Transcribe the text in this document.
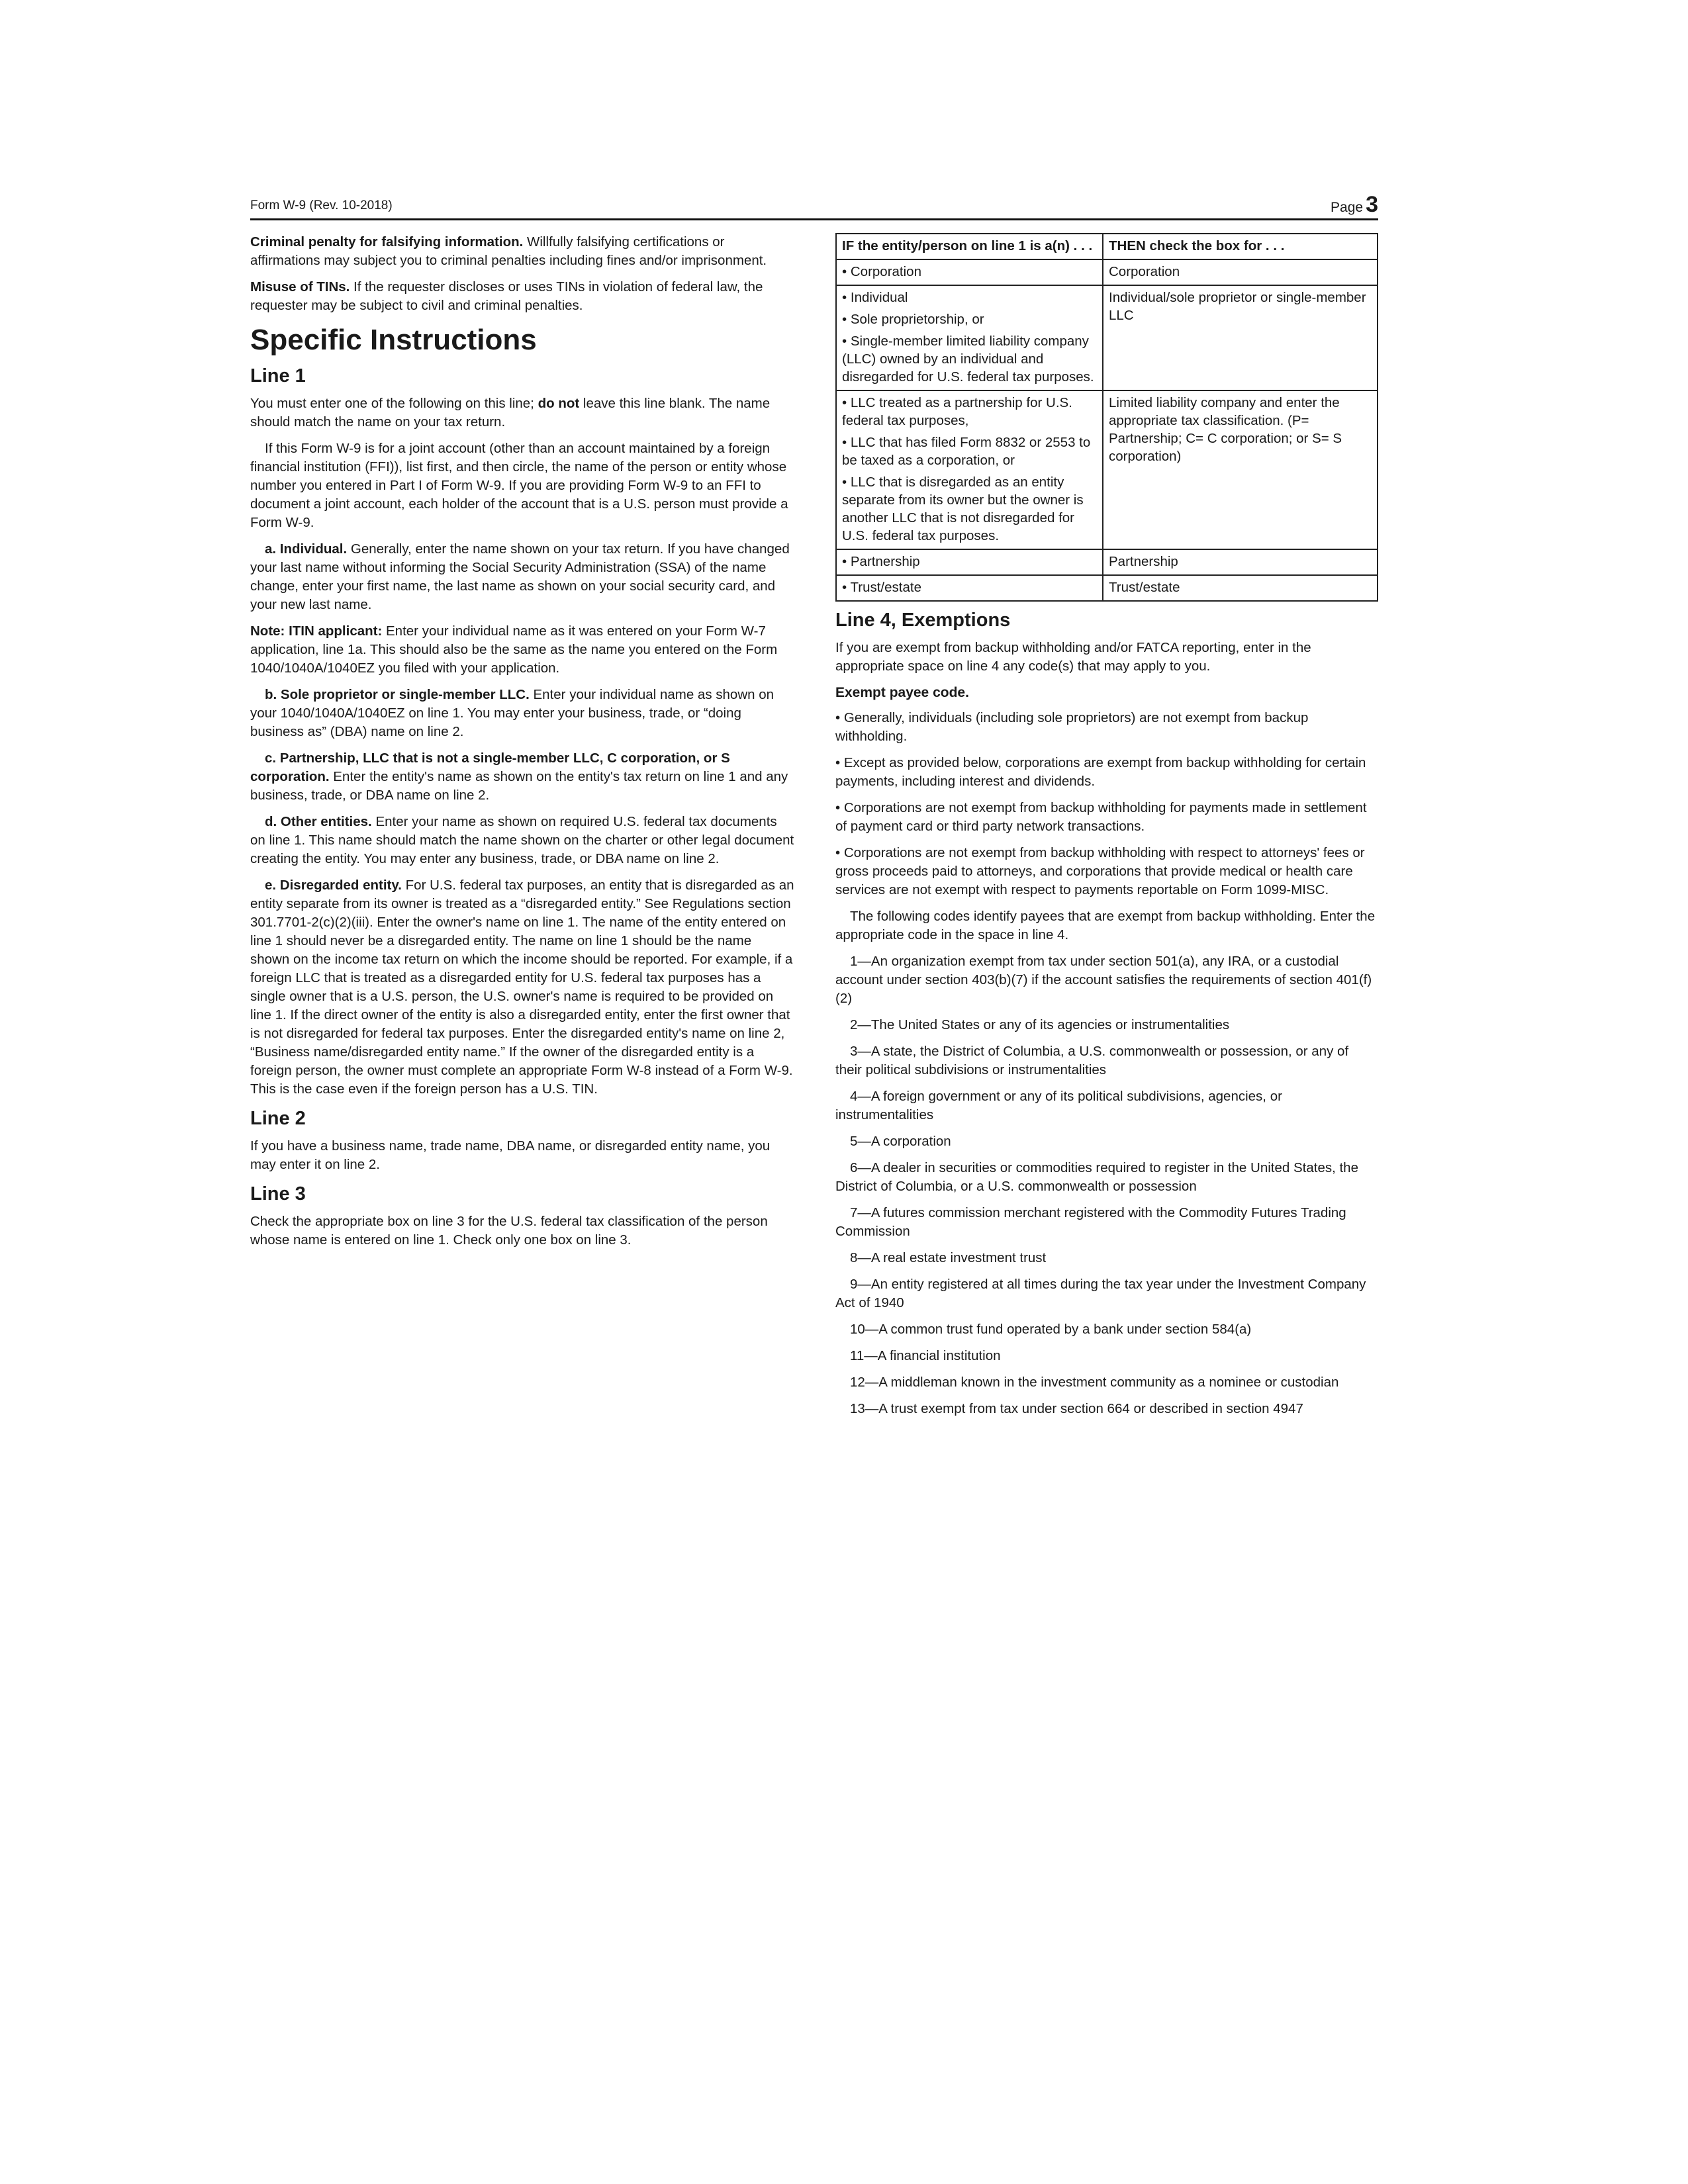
Form W-9 (Rev. 10-2018)	Page 3

Criminal penalty for falsifying information. Willfully falsifying certifications or affirmations may subject you to criminal penalties including fines and/or imprisonment.

Misuse of TINs. If the requester discloses or uses TINs in violation of federal law, the requester may be subject to civil and criminal penalties.

Specific Instructions
Line 1

You must enter one of the following on this line; do not leave this line blank. The name should match the name on your tax return.

If this Form W-9 is for a joint account (other than an account maintained by a foreign financial institution (FFI)), list first, and then circle, the name of the person or entity whose number you entered in Part I of Form W-9. If you are providing Form W-9 to an FFI to document a joint account, each holder of the account that is a U.S. person must provide a Form W-9.

a. Individual. Generally, enter the name shown on your tax return. If you have changed your last name without informing the Social Security Administration (SSA) of the name change, enter your first name, the last name as shown on your social security card, and your new last name.

Note: ITIN applicant: Enter your individual name as it was entered on your Form W-7 application, line 1a. This should also be the same as the name you entered on the Form 1040/1040A/1040EZ you filed with your application.

b. Sole proprietor or single-member LLC. Enter your individual name as shown on your 1040/1040A/1040EZ on line 1. You may enter your business, trade, or “doing business as” (DBA) name on line 2.

c. Partnership, LLC that is not a single-member LLC, C corporation, or S corporation. Enter the entity's name as shown on the entity's tax return on line 1 and any business, trade, or DBA name on line 2.

d. Other entities. Enter your name as shown on required U.S. federal tax documents on line 1. This name should match the name shown on the charter or other legal document creating the entity. You may enter any business, trade, or DBA name on line 2.

e. Disregarded entity. For U.S. federal tax purposes, an entity that is disregarded as an entity separate from its owner is treated as a “disregarded entity.” See Regulations section 301.7701-2(c)(2)(iii). Enter the owner's name on line 1. The name of the entity entered on line 1 should never be a disregarded entity. The name on line 1 should be the name shown on the income tax return on which the income should be reported. For example, if a foreign LLC that is treated as a disregarded entity for U.S. federal tax purposes has a single owner that is a U.S. person, the U.S. owner's name is required to be provided on line 1. If the direct owner of the entity is also a disregarded entity, enter the first owner that is not disregarded for federal tax purposes. Enter the disregarded entity's name on line 2, “Business name/disregarded entity name.” If the owner of the disregarded entity is a foreign person, the owner must complete an appropriate Form W-8 instead of a Form W-9. This is the case even if the foreign person has a U.S. TIN.

Line 2

If you have a business name, trade name, DBA name, or disregarded entity name, you may enter it on line 2.

Line 3

Check the appropriate box on line 3 for the U.S. federal tax classification of the person whose name is entered on line 1. Check only one box on line 3.

IF the entity/person on line 1 is a(n) . . .	THEN check the box for . . .

• Corporation	Corporation

• Individual
• Sole proprietorship, or
• Single-member limited liability company (LLC) owned by an individual and disregarded for U.S. federal tax purposes.	Individual/sole proprietor or single-member LLC

• LLC treated as a partnership for U.S. federal tax purposes,
• LLC that has filed Form 8832 or 2553 to be taxed as a corporation, or
• LLC that is disregarded as an entity separate from its owner but the owner is another LLC that is not disregarded for U.S. federal tax purposes.	Limited liability company and enter the appropriate tax classification. (P= Partnership; C= C corporation; or S= S corporation)

• Partnership	Partnership

• Trust/estate	Trust/estate
Line 4, Exemptions

If you are exempt from backup withholding and/or FATCA reporting, enter in the appropriate space on line 4 any code(s) that may apply to you.

Exempt payee code.

• Generally, individuals (including sole proprietors) are not exempt from backup withholding.

• Except as provided below, corporations are exempt from backup withholding for certain payments, including interest and dividends.

• Corporations are not exempt from backup withholding for payments made in settlement of payment card or third party network transactions.

• Corporations are not exempt from backup withholding with respect to attorneys' fees or gross proceeds paid to attorneys, and corporations that provide medical or health care services are not exempt with respect to payments reportable on Form 1099-MISC.

The following codes identify payees that are exempt from backup withholding. Enter the appropriate code in the space in line 4.

1—An organization exempt from tax under section 501(a), any IRA, or a custodial account under section 403(b)(7) if the account satisfies the requirements of section 401(f)(2)

2—The United States or any of its agencies or instrumentalities

3—A state, the District of Columbia, a U.S. commonwealth or possession, or any of their political subdivisions or instrumentalities

4—A foreign government or any of its political subdivisions, agencies, or instrumentalities

5—A corporation

6—A dealer in securities or commodities required to register in the United States, the District of Columbia, or a U.S. commonwealth or possession

7—A futures commission merchant registered with the Commodity Futures Trading Commission

8—A real estate investment trust

9—An entity registered at all times during the tax year under the Investment Company Act of 1940

10—A common trust fund operated by a bank under section 584(a)

11—A financial institution

12—A middleman known in the investment community as a nominee or custodian

13—A trust exempt from tax under section 664 or described in section 4947
